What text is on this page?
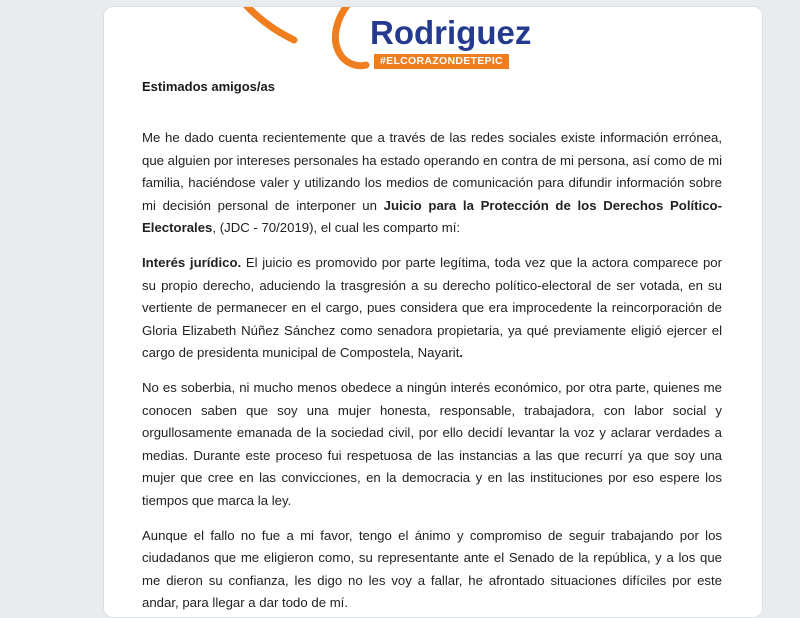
Rodriguez
#ELCORAZONDETEPIC
Estimados amigos/as

Me he dado cuenta recientemente que a través de las redes sociales existe información errónea, que alguien por intereses personales ha estado operando en contra de mi persona, así como de mi familia, haciéndose valer y utilizando los medios de comunicación para difundir información sobre mi decisión personal de interponer un Juicio para la Protección de los Derechos Político-Electorales, (JDC - 70/2019), el cual les comparto mí:

Interés jurídico. El juicio es promovido por parte legítima, toda vez que la actora comparece por su propio derecho, aduciendo la trasgresión a su derecho político-electoral de ser votada, en su vertiente de permanecer en el cargo, pues considera que era improcedente la reincorporación de Gloria Elizabeth Núñez Sánchez como senadora propietaria, ya qué previamente eligió ejercer el cargo de presidenta municipal de Compostela, Nayarit.

No es soberbia, ni mucho menos obedece a ningún interés económico, por otra parte, quienes me conocen saben que soy una mujer honesta, responsable, trabajadora, con labor social y orgullosamente emanada de la sociedad civil, por ello decidí levantar la voz y aclarar verdades a medias. Durante este proceso fui respetuosa de las instancias a las que recurrí ya que soy una mujer que cree en las convicciones, en la democracia y en las instituciones por eso espere los tiempos que marca la ley.

Aunque el fallo no fue a mi favor, tengo el ánimo y compromiso de seguir trabajando por los ciudadanos que me eligieron como, su representante ante el Senado de la república, y a los que me dieron su confianza, les digo no les voy a fallar, he afrontado situaciones difíciles por este andar, para llegar a dar todo de mí.
